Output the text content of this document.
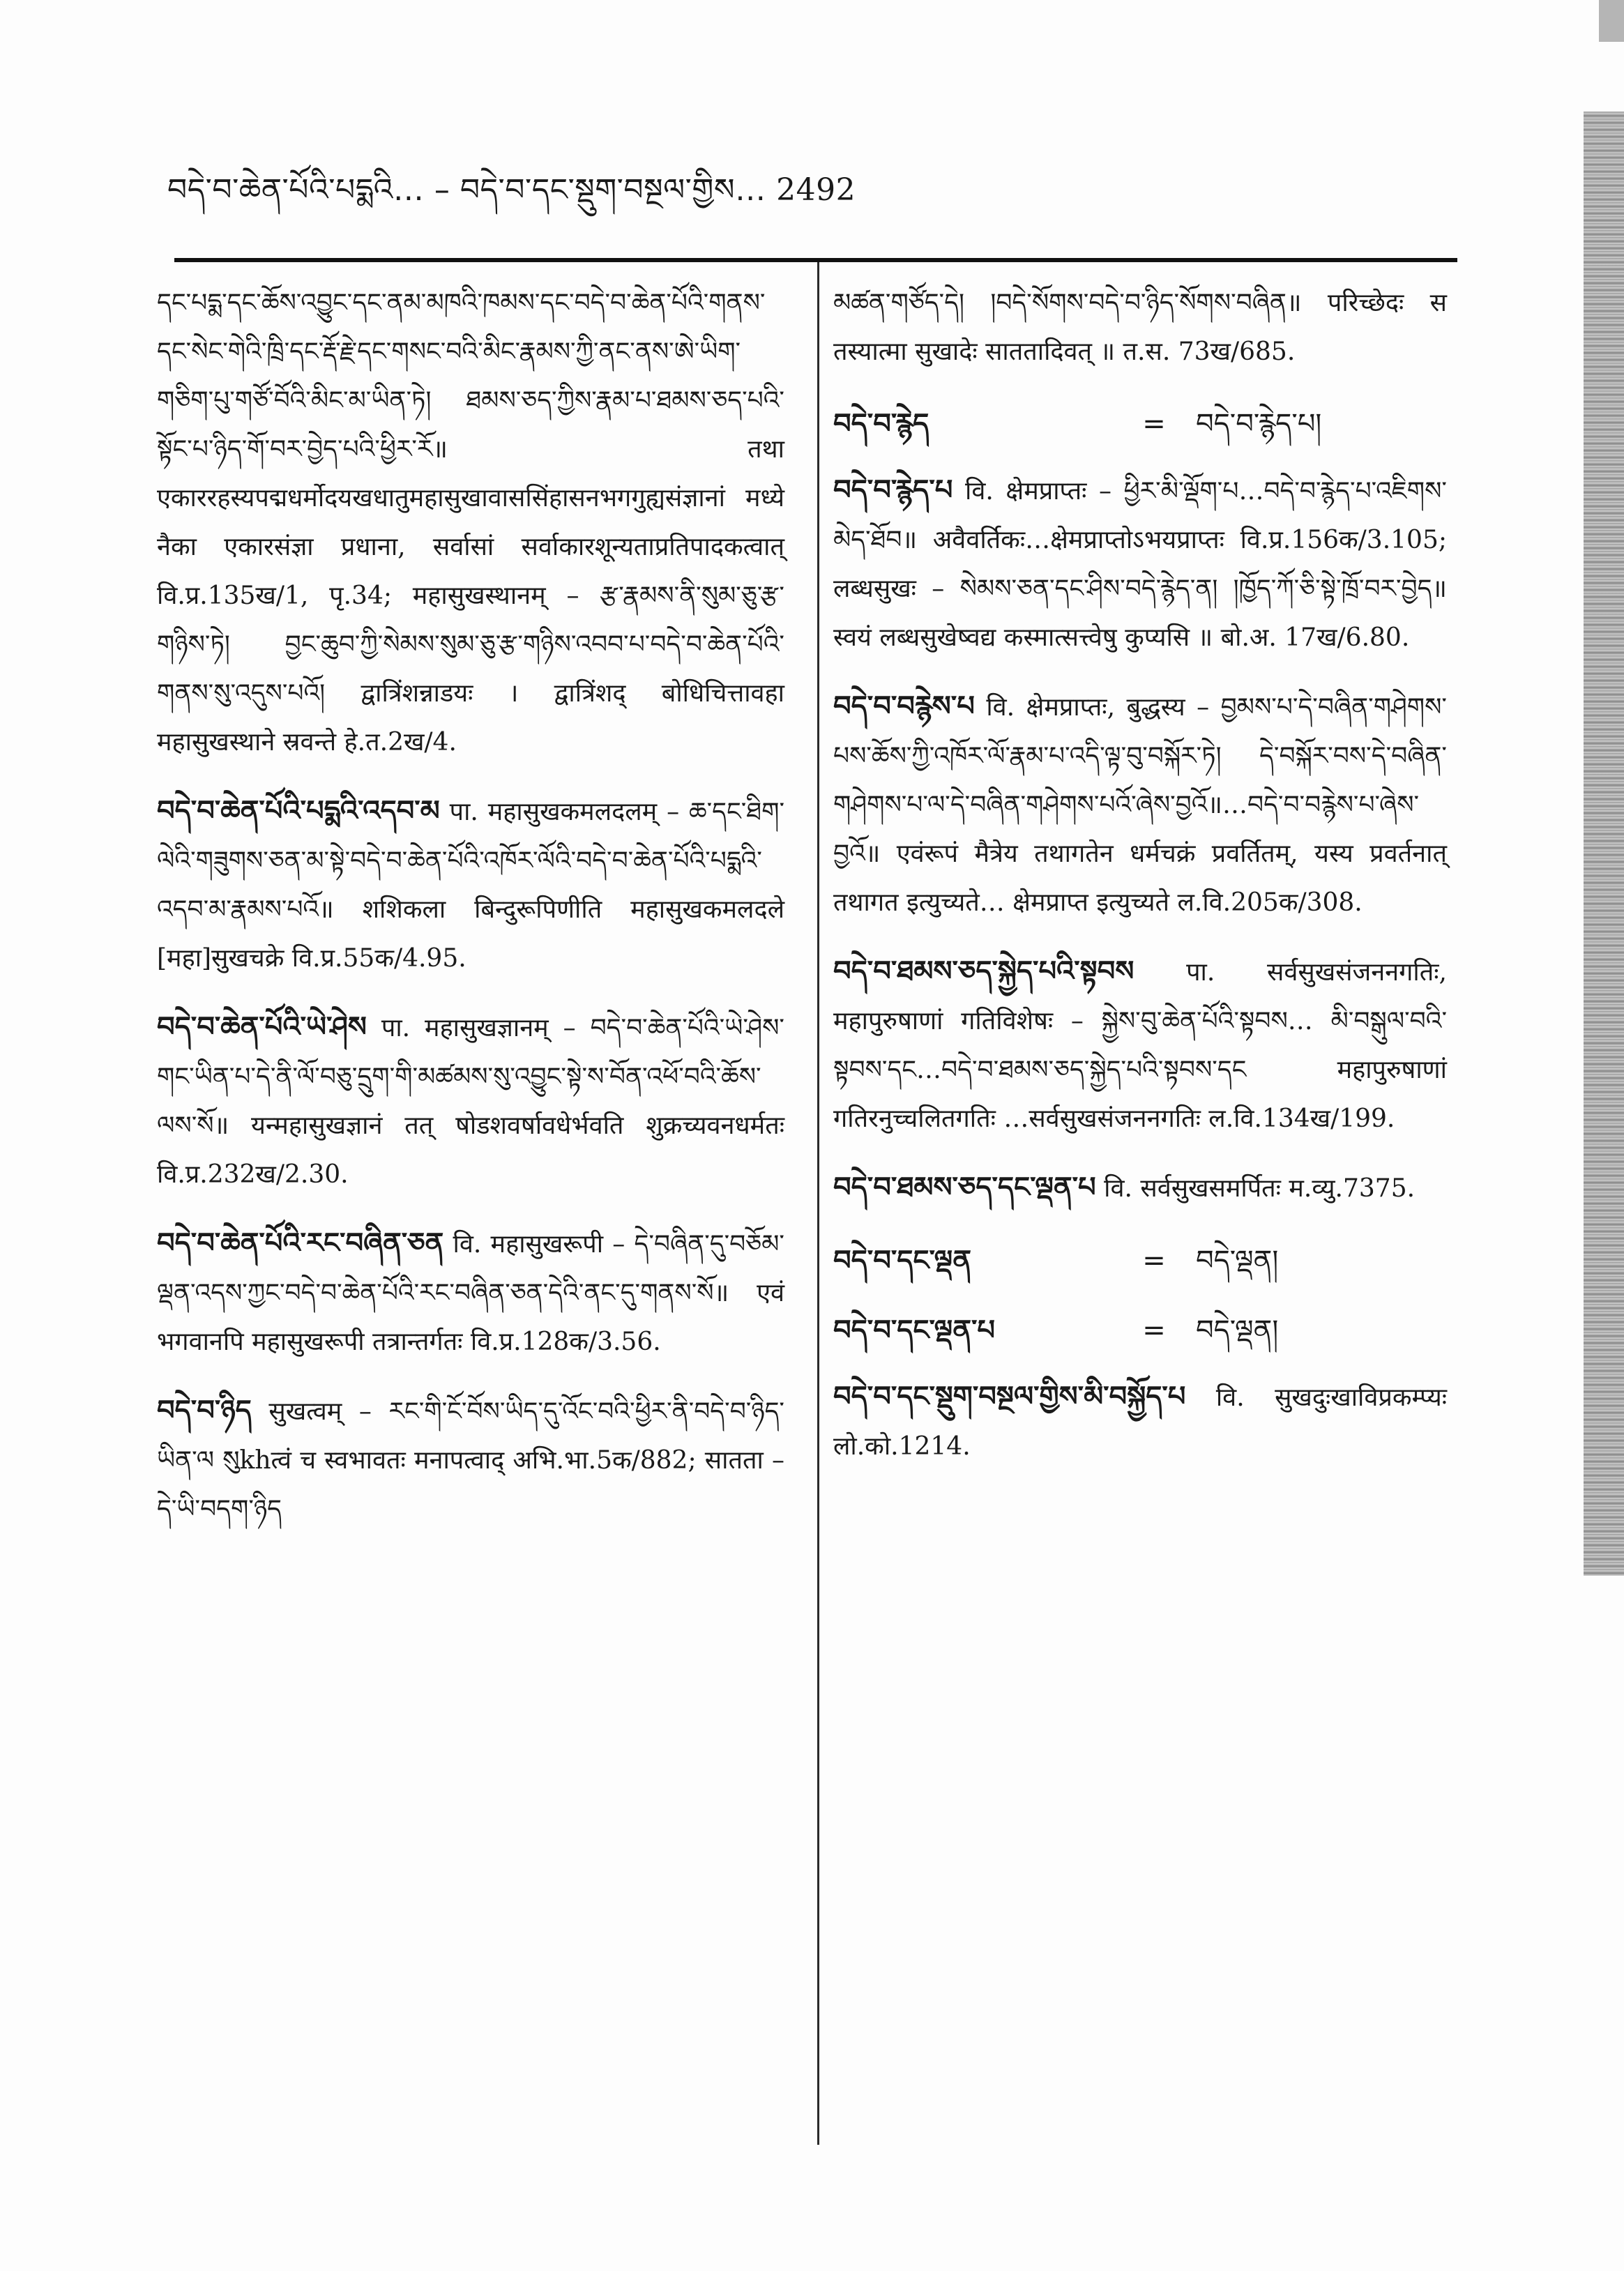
བདེ་བ་ཆེན་པོའི་པདྨའི… – བདེ་བ་དང་སྡུག་བསྔལ་གྱིས… 2492
དང་པདྨ་དང་ཆོས་འབྱུང་དང་ནམ་མཁའི་ཁམས་དང་བདེ་བ་ཆེན་པོའི་གནས་དང་སེང་གེའི་ཁྲི་དང་རྡོ་རྗེ་དང་གསང་བའི་མིང་རྣམས་ཀྱི་ནང་ནས་ཨེ་ཡིག་གཅིག་པུ་གཙོ་བོའི་མིང་མ་ཡིན་ཏེ། ཐམས་ཅད་ཀྱིས་རྣམ་པ་ཐམས་ཅད་པའི་སྟོང་པ་ཉིད་གོ་བར་བྱེད་པའི་ཕྱིར་རོ॥ तथा एकाररहस्यपद्मधर्मोदयखधातुमहासुखावाससिंहासनभगगुह्यसंज्ञानां मध्ये नैका एकारसंज्ञा प्रधाना, सर्वासां सर्वाकारशून्यताप्रतिपादकत्वात् वि.प्र.135ख/1, पृ.34; महासुखस्थानम् – རྩ་རྣམས་ནི་སུམ་ཅུ་རྩ་གཉིས་ཏེ། བྱང་ཆུབ་ཀྱི་སེམས་སུམ་ཅུ་རྩ་གཉིས་འབབ་པ་བདེ་བ་ཆེན་པོའི་གནས་སུ་འདུས་པའོ། द्वात्रिंशन्नाडयः । द्वात्रिंशद् बोधिचित्तावहा महासुखस्थाने स्रवन्ते हे.त.2ख/4.
བདེ་བ་ཆེན་པོའི་པདྨའི་འདབ་མ पा. महासुखकमलदलम् – ཆ་དང་ཐིག་ལེའི་གཟུགས་ཅན་མ་སྟེ་བདེ་བ་ཆེན་པོའི་འཁོར་ལོའི་བདེ་བ་ཆེན་པོའི་པདྨའི་འདབ་མ་རྣམས་པའོ॥ शशिकला बिन्दुरूपिणीति महासुखकमलदले [महा]सुखचक्रे वि.प्र.55क/4.95.
བདེ་བ་ཆེན་པོའི་ཡེ་ཤེས पा. महासुखज्ञानम् – བདེ་བ་ཆེན་པོའི་ཡེ་ཤེས་གང་ཡིན་པ་དེ་ནི་ལོ་བཅུ་དྲུག་གི་མཚམས་སུ་འབྱུང་སྟེ་ས་བོན་འཕོ་བའི་ཆོས་ལས་སོ॥ यन्महासुखज्ञानं तत् षोडशवर्षावधेर्भवति शुक्रच्यवनधर्मतः वि.प्र.232ख/2.30.
བདེ་བ་ཆེན་པོའི་རང་བཞིན་ཅན वि. महासुखरूपी – དེ་བཞིན་དུ་བཅོམ་ལྡན་འདས་ཀྱང་བདེ་བ་ཆེན་པོའི་རང་བཞིན་ཅན་དེའི་ནང་དུ་གནས་སོ॥ एवं भगवानपि महासुखरूपी तत्रान्तर्गतः वि.प्र.128क/3.56.
བདེ་བ་ཉིད सुखत्वम् – རང་གི་ངོ་བོས་ཡིད་དུ་འོང་བའི་ཕྱིར་ནི་བདེ་བ་ཉིད་ཡིན་ལ སུkhत्वं च स्वभावतः मनापत्वाद् अभि.भा.5क/882; सातता – དེ་ཡི་བདག་ཉིད
མཚན་གཙོད་དེ། །བདེ་སོགས་བདེ་བ་ཉིད་སོགས་བཞིན॥ परिच्छेदः स तस्यात्मा सुखादेः साततादिवत् ॥ त.स. 73ख/685.
བདེ་བ་རྙེད	=	བདེ་བ་རྙེད་པ།
བདེ་བ་རྙེད་པ वि. क्षेमप्राप्तः – ཕྱིར་མི་ལྡོག་པ…བདེ་བ་རྙེད་པ་འཇིགས་མེད་ཐོབ॥ अवैवर्तिकः…क्षेमप्राप्तोऽभयप्राप्तः वि.प्र.156क/3.105; लब्धसुखः – སེམས་ཅན་དང་ཤིས་བདེ་རྙེད་ན། །ཁྱོད་ཀོ་ཅི་སྟེ་ཁྲོ་བར་བྱེད॥ स्वयं लब्धसुखेष्वद्य कस्मात्सत्त्वेषु कुप्यसि ॥ बो.अ. 17ख/6.80.
བདེ་བ་བརྙེས་པ वि. क्षेमप्राप्तः, बुद्धस्य – བྱམས་པ་དེ་བཞིན་གཤེགས་པས་ཆོས་ཀྱི་འཁོར་ལོ་རྣམ་པ་འདི་ལྟ་བུ་བསྐོར་ཏེ། དེ་བསྐོར་བས་དེ་བཞིན་གཤེགས་པ་ལ་དེ་བཞིན་གཤེགས་པའོ་ཞེས་བྱའོ॥…བདེ་བ་བརྙེས་པ་ཞེས་བྱའོ॥ एवंरूपं मैत्रेय तथागतेन धर्मचक्रं प्रवर्तितम्, यस्य प्रवर्तनात् तथागत इत्युच्यते… क्षेमप्राप्त इत्युच्यते ल.वि.205क/308.
བདེ་བ་ཐམས་ཅད་སྐྱེད་པའི་སྟབས पा. सर्वसुखसंजननगतिः, महापुरुषाणां गतिविशेषः – སྐྱེས་བུ་ཆེན་པོའི་སྟབས… མི་བསྒུལ་བའི་སྟབས་དང…བདེ་བ་ཐམས་ཅད་སྐྱེད་པའི་སྟབས་དང महापुरुषाणां गतिरनुच्चलितगतिः …सर्वसुखसंजननगतिः ल.वि.134ख/199.
བདེ་བ་ཐམས་ཅད་དང་ལྡན་པ वि. सर्वसुखसमर्पितः म.व्यु.7375.
བདེ་བ་དང་ལྡན	=	བདེ་ལྡན།
བདེ་བ་དང་ལྡན་པ	=	བདེ་ལྡན།
བདེ་བ་དང་སྡུག་བསྔལ་གྱིས་མི་བསྐྱོད་པ वि. सुखदुःखाविप्रकम्प्यः लो.को.1214.
